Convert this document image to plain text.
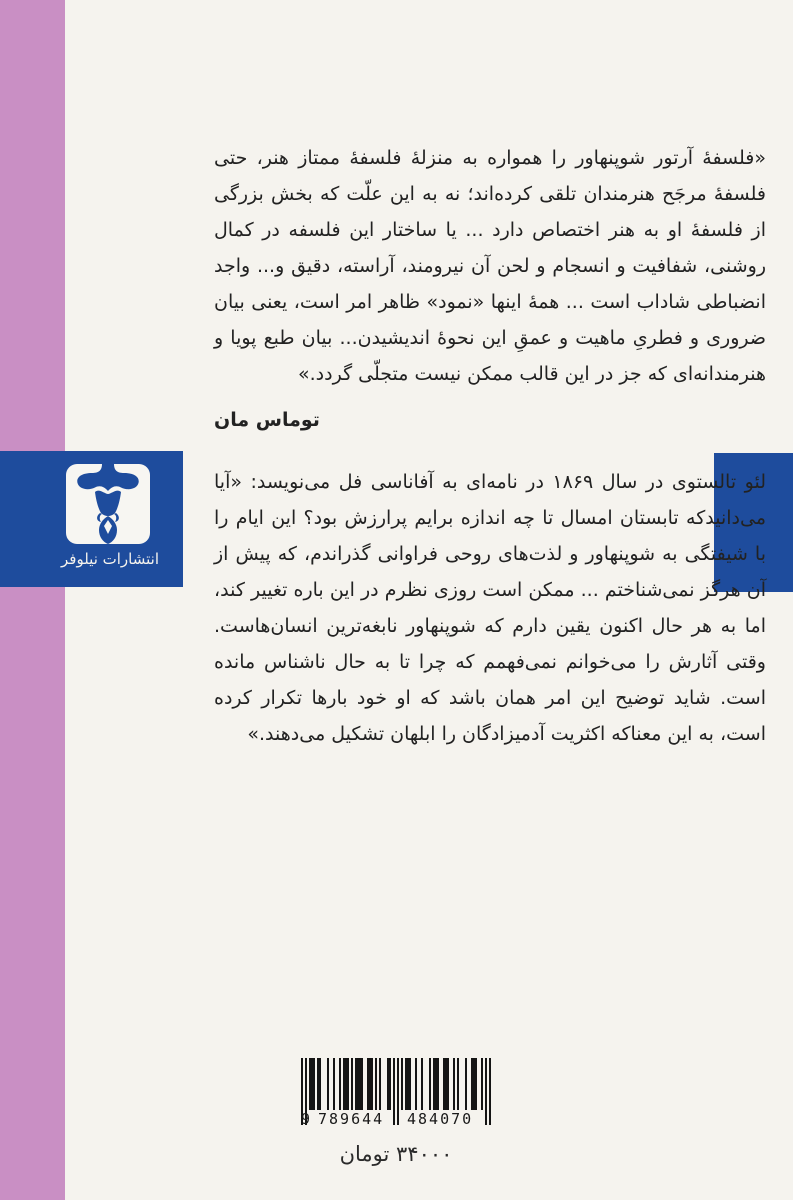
انتشارات نیلوفر

«فلسفهٔ آرتور شوپنهاور را همواره به منزلهٔ فلسفهٔ ممتاز هنر، حتی فلسفهٔ مرجَح هنرمندان تلقی کرده‌اند؛ نه به این علّت که بخش بزرگی از فلسفهٔ او به هنر اختصاص دارد ... یا ساختار این فلسفه در کمال روشنی، شفافیت و انسجام و لحن آن نیرومند، آراسته، دقیق و... واجد انضباطی شاداب است ... همهٔ اینها «نمود» ظاهر امر است، یعنی بیان ضروری و فطریِ ماهیت و عمقِ این نحوهٔ اندیشیدن... بیان طبع پویا و هنرمندانه‌ای که جز در این قالب ممکن نیست متجلّی گردد.»

توماس مان

لئو تالستوی در سال ۱۸۶۹ در نامه‌ای به آفاناسی فل می‌نویسد: «آیا می‌دانیدکه تابستان امسال تا چه اندازه برایم پرارزش بود؟ این ایام را با شیفتگی به شوپنهاور و لذت‌های روحی فراوانی گذراندم، که پیش از آن هرگز نمی‌شناختم ... ممکن است روزی نظرم در این باره تغییر کند، اما به هر حال اکنون یقین دارم که شوپنهاور نابغه‌ترین انسان‌هاست. وقتی آثارش را می‌خوانم نمی‌فهمم که چرا تا به حال ناشناس مانده است. شاید توضیح این امر همان باشد که او خود بارها تکرار کرده است، به این معناکه اکثریت آدمیزادگان را ابلهان تشکیل می‌دهند.»

9 789644 484070
۳۴۰۰۰ تومان
